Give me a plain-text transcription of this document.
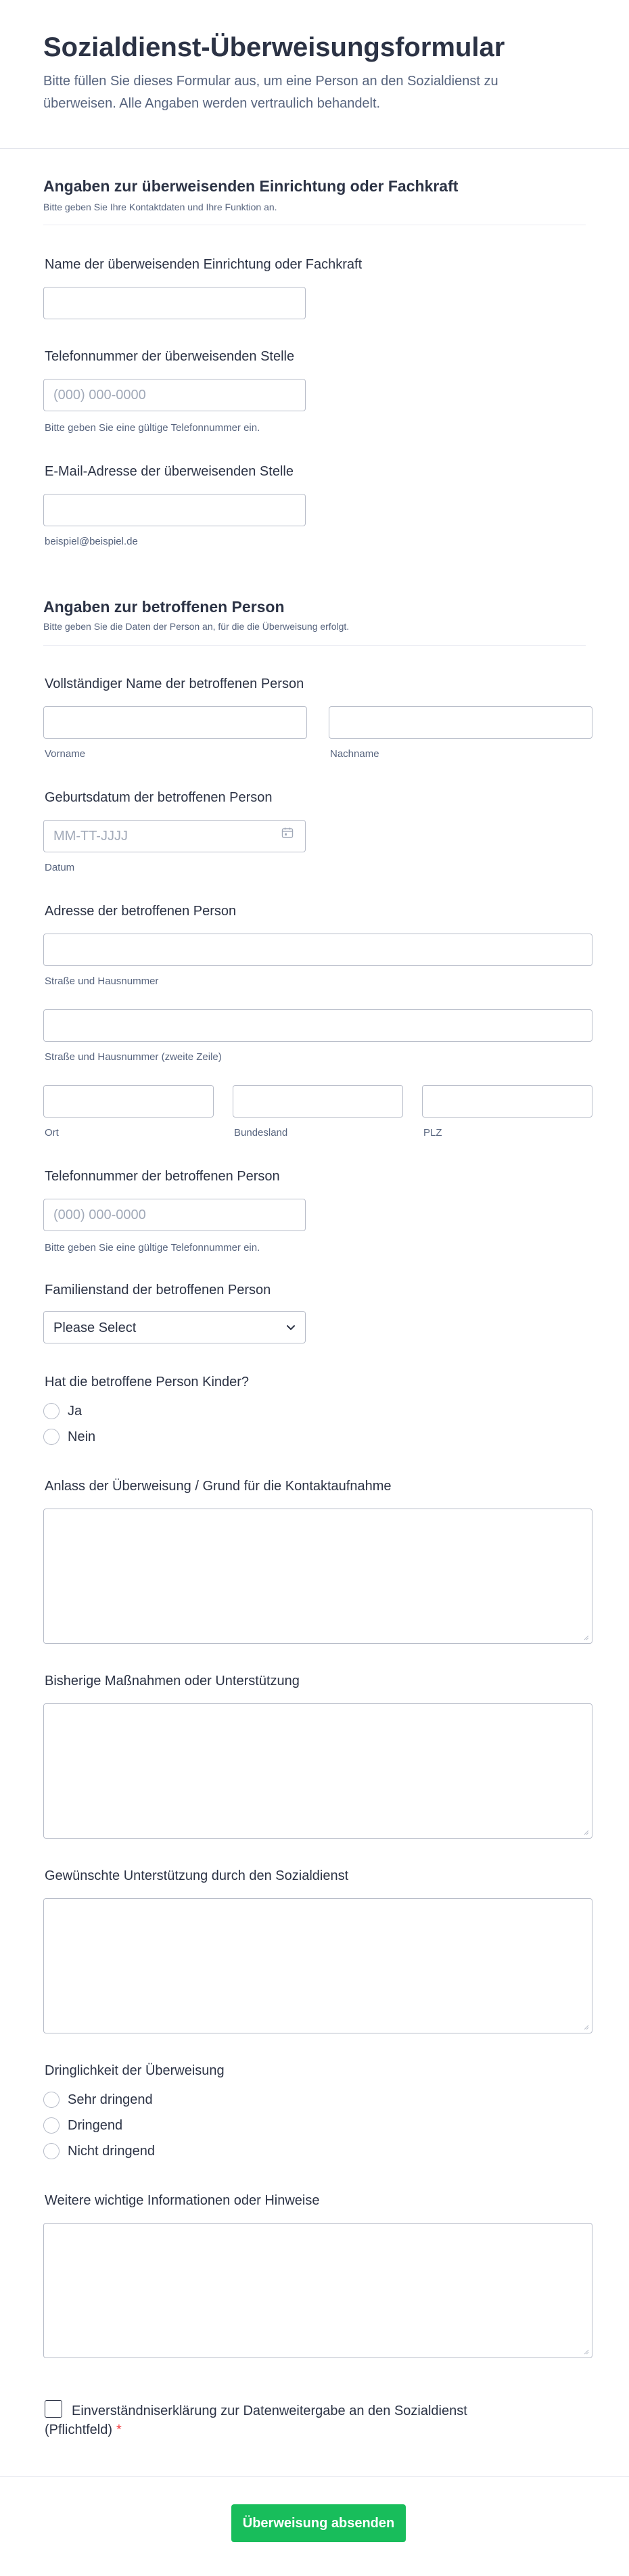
Sozialdienst-Überweisungsformular

Bitte füllen Sie dieses Formular aus, um eine Person an den Sozialdienst zu überweisen. Alle Angaben werden vertraulich behandelt.

Angaben zur überweisenden Einrichtung oder Fachkraft
Bitte geben Sie Ihre Kontaktdaten und Ihre Funktion an.
Name der überweisenden Einrichtung oder Fachkraft
Telefonnummer der überweisenden Stelle
(000) 000-0000
Bitte geben Sie eine gültige Telefonnummer ein.
E-Mail-Adresse der überweisenden Stelle
beispiel@beispiel.de
Angaben zur betroffenen Person
Bitte geben Sie die Daten der Person an, für die die Überweisung erfolgt.
Vollständiger Name der betroffenen Person
Vorname	Nachname
Geburtsdatum der betroffenen Person
MM-TT-JJJJ
Datum
Adresse der betroffenen Person
Straße und Hausnummer
Straße und Hausnummer (zweite Zeile)
Ort	Bundesland	PLZ
Telefonnummer der betroffenen Person
(000) 000-0000
Bitte geben Sie eine gültige Telefonnummer ein.
Familienstand der betroffenen Person
Please Select
Hat die betroffene Person Kinder?
Ja
Nein
Anlass der Überweisung / Grund für die Kontaktaufnahme
Bisherige Maßnahmen oder Unterstützung
Gewünschte Unterstützung durch den Sozialdienst
Dringlichkeit der Überweisung
Sehr dringend
Dringend
Nicht dringend
Weitere wichtige Informationen oder Hinweise
Einverständniserklärung zur Datenweitergabe an den Sozialdienst (Pflichtfeld) *
Überweisung absenden
